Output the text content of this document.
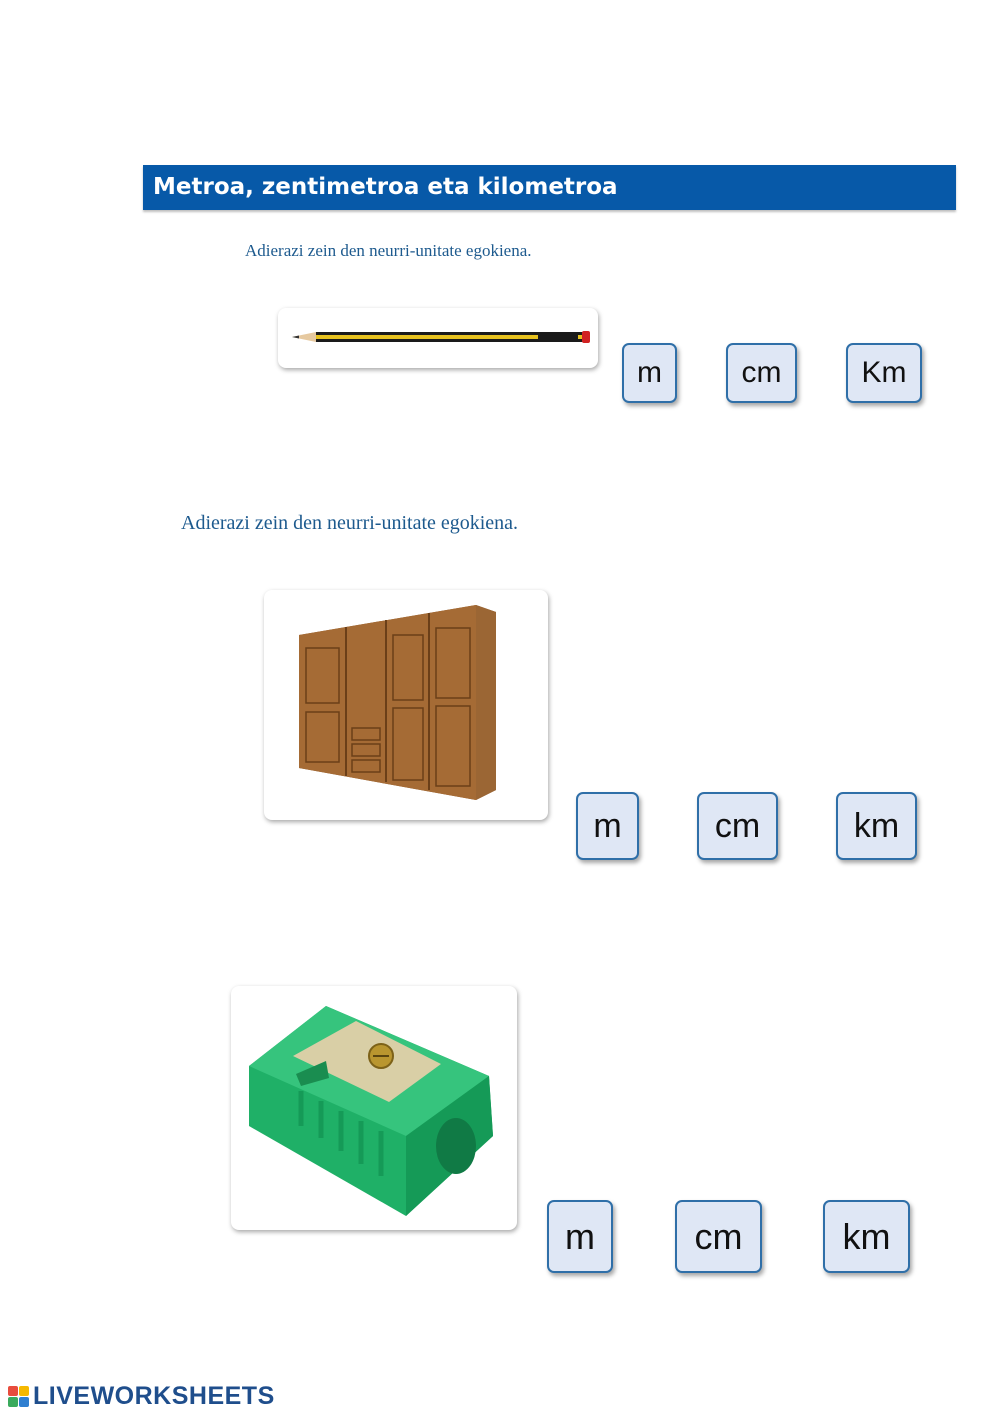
Metroa, zentimetroa eta kilometroa
Adierazi zein den neurri-unitate egokiena.
m	cm	Km
Adierazi zein den neurri-unitate egokiena.
m	cm	km
m	cm	km
LIVEWORKSHEETS
